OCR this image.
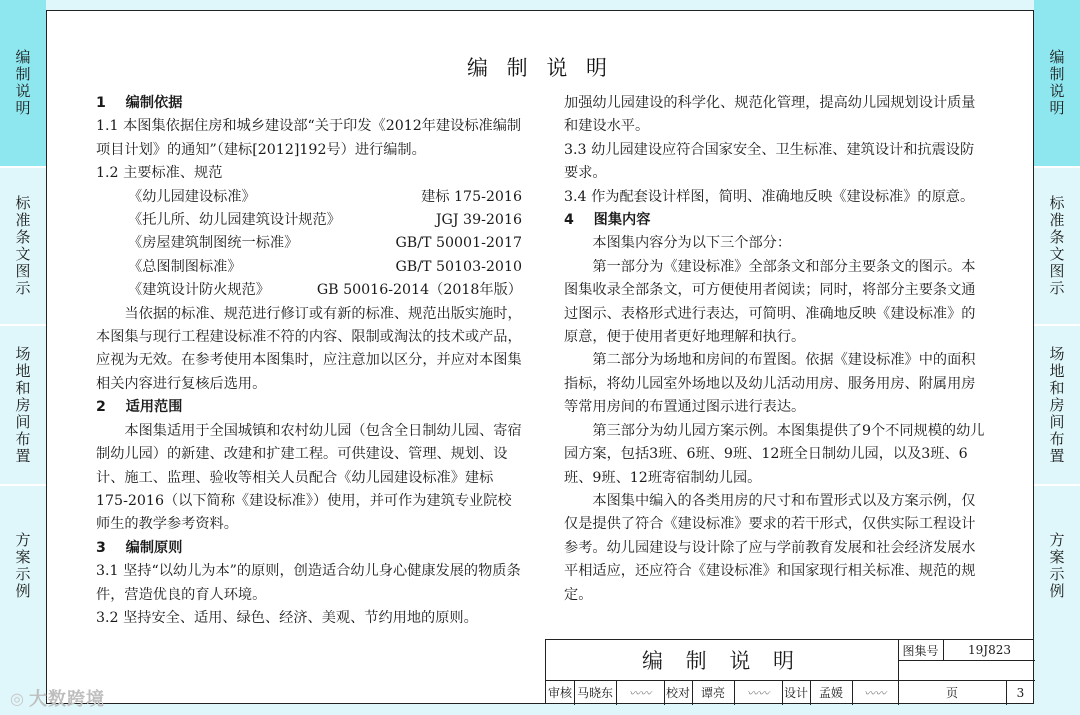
编制说明
标准条文图示
场地和房间布置
方案示例
编制说明
标准条文图示
场地和房间布置
方案示例
编 制 说 明

1    编制依据

1.1 本图集依据住房和城乡建设部“关于印发《2012年建设标准编制项目计划》的通知”（建标[2012]192号）进行编制。

1.2 主要标准、规范

《幼儿园建设标准》	建标 175-2016
《托儿所、幼儿园建筑设计规范》	JGJ 39-2016
《房屋建筑制图统一标准》	GB/T 50001-2017
《总图制图标准》	GB/T 50103-2010
《建筑设计防火规范》	GB 50016-2014（2018年版）

当依据的标准、规范进行修订或有新的标准、规范出版实施时，本图集与现行工程建设标准不符的内容、限制或淘汰的技术或产品，应视为无效。在参考使用本图集时，应注意加以区分，并应对本图集相关内容进行复核后选用。

2    适用范围

本图集适用于全国城镇和农村幼儿园（包含全日制幼儿园、寄宿制幼儿园）的新建、改建和扩建工程。可供建设、管理、规划、设计、施工、监理、验收等相关人员配合《幼儿园建设标准》建标175-2016（以下简称《建设标准》）使用，并可作为建筑专业院校师生的教学参考资料。

3    编制原则

3.1 坚持“以幼儿为本”的原则，创造适合幼儿身心健康发展的物质条件，营造优良的育人环境。

3.2 坚持安全、适用、绿色、经济、美观、节约用地的原则。

加强幼儿园建设的科学化、规范化管理，提高幼儿园规划设计质量和建设水平。

3.3 幼儿园建设应符合国家安全、卫生标准、建筑设计和抗震设防要求。

3.4 作为配套设计样图，简明、准确地反映《建设标准》的原意。

4    图集内容

本图集内容分为以下三个部分：

第一部分为《建设标准》全部条文和部分主要条文的图示。本图集收录全部条文，可方便使用者阅读；同时，将部分主要条文通过图示、表格形式进行表达，可简明、准确地反映《建设标准》的原意，便于使用者更好地理解和执行。

第二部分为场地和房间的布置图。依据《建设标准》中的面积指标，将幼儿园室外场地以及幼儿活动用房、服务用房、附属用房等常用房间的布置通过图示进行表达。

第三部分为幼儿园方案示例。本图集提供了9个不同规模的幼儿园方案，包括3班、6班、9班、12班全日制幼儿园，以及3班、6班、9班、12班寄宿制幼儿园。

本图集中编入的各类用房的尺寸和布置形式以及方案示例，仅仅是提供了符合《建设标准》要求的若干形式，仅供实际工程设计参考。幼儿园建设与设计除了应与学前教育发展和社会经济发展水平相适应，还应符合《建设标准》和国家现行相关标准、规范的规定。

编 制 说 明	图集号	19J823
审核 马晓东	〰〰	校对 谭亮	〰〰	设计 孟媛	〰〰	页	3
◎ 大数跨境
